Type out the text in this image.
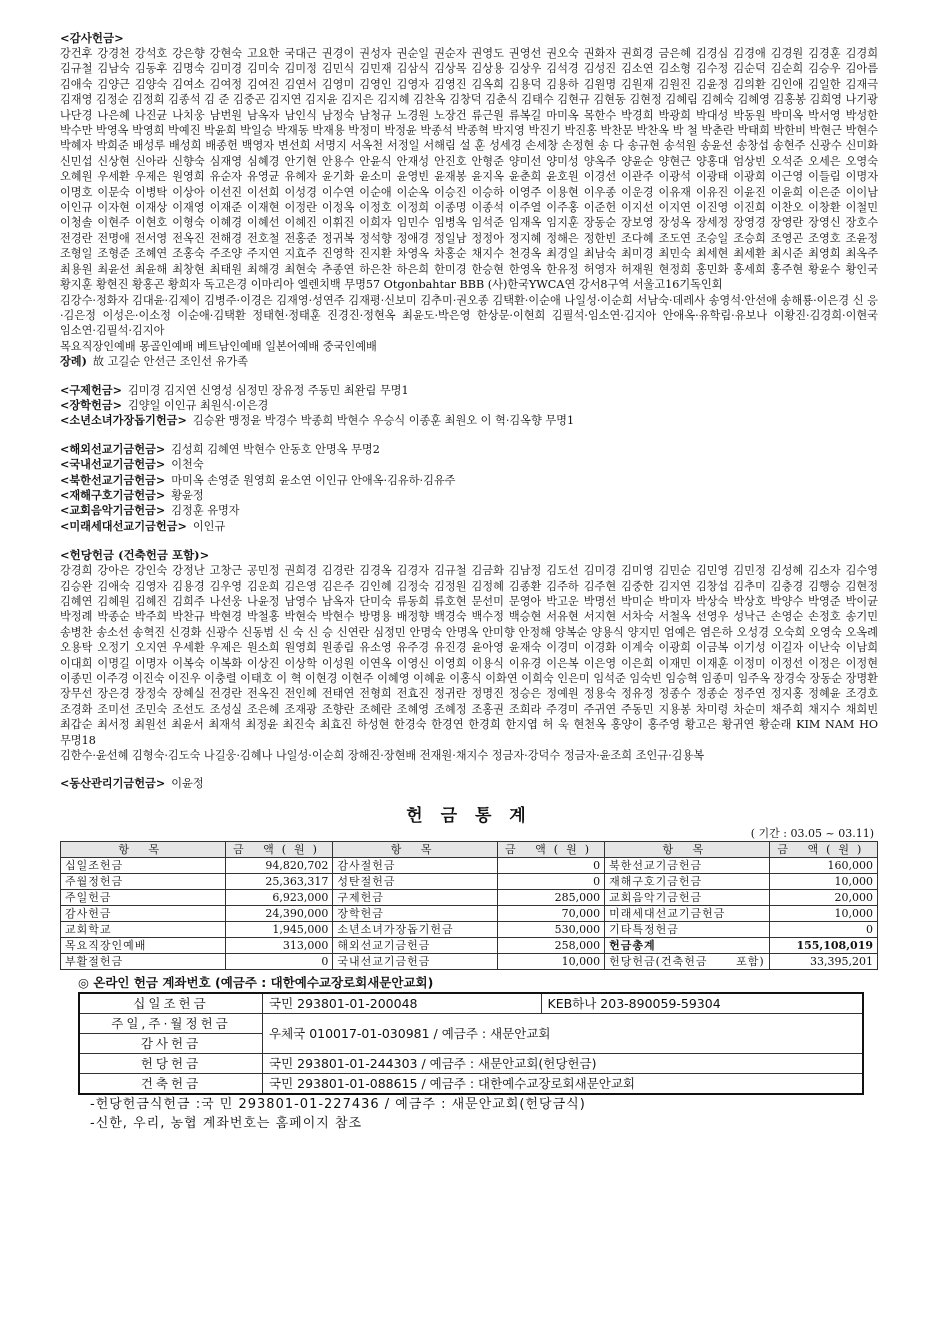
<감사헌금>
강건후 강경천 강석호 강은향 강현숙 고요한 국대근 권경이 권성자 권순일 권순자 권영도 권영선 권오숙 권화자 권희경 금은혜 김경심 김경애 김경원 김경훈 김경희 김규철 김남숙 김동후 김명숙 김미경 김미숙 김미정 김민식 김민재 김삼식 김상목 김상용 김상우 김석경 김성진 김소연 김소형 김수정 김순덕 김순희 김승우 김아름 김애숙 김양근 김양숙 김여소 김여정 김여진 김연서 김영미 김영인 김영자 김영진 김옥희 김용덕 김용하 김원명 김원재 김원진 김윤정 김의환 김인애 김일한 김재극 김재영 김정순 김정희 김종석 김 준 김중곤 김지연 김지윤 김지은 김지혜 김찬옥 김창덕 김춘식 김태수 김현규 김현동 김현정 김혜림 김혜숙 김혜영 김홍봉 김희영 나기광 나단경 나은혜 나진균 나치웅 남번원 남옥자 남인식 남정숙 남청규 노경원 노장건 류근원 류복길 마미옥 목한수 박경희 박광희 박대성 박동원 박미옥 박서영 박성한 박수만 박영옥 박영희 박예진 박윤희 박일승 박재동 박재용 박정미 박정윤 박종석 박종혁 박지영 박진기 박진홍 박찬문 박찬옥 박 철 박춘란 박태희 박한비 박현근 박현수 박혜자 박희준 배성루 배성희 배종헌 백영자 변선희 서명지 서옥천 서정일 서해림 설 훈 성세경 손세창 손정현 송 다 송규현 송석원 송윤선 송창섭 송현주 신광수 신미화 신민섭 신상현 신아라 신향숙 심재영 심혜경 안기현 안용수 안윤식 안재성 안진호 안형준 양미선 양미성 양옥주 양윤순 양현근 양홍대 엄상빈 오석준 오세은 오영숙 오혜원 우세환 우제은 원영희 유순자 유영균 유혜자 윤기화 윤소미 윤영빈 윤재봉 윤지옥 윤춘희 윤호원 이경선 이관주 이광석 이광태 이광희 이근영 이들림 이명자 이명호 이문숙 이병탁 이상아 이선진 이선희 이성경 이수연 이순애 이순옥 이승진 이승하 이영주 이용현 이우종 이운경 이유재 이유진 이윤진 이윤희 이은준 이이남 이인규 이자현 이재상 이재영 이재준 이재현 이정란 이정옥 이정호 이정희 이종명 이종석 이주열 이주홍 이준헌 이지선 이지연 이진영 이진희 이찬오 이창환 이철민 이청솔 이현주 이현호 이형숙 이혜경 이혜선 이혜진 이휘진 이희자 임민수 임병옥 임석준 임재옥 임지훈 장동순 장보영 장성옥 장세정 장영경 장영란 장영신 장호수 전경란 전명애 전서영 전옥진 전해경 전호철 전홍준 정귀복 정석향 정애경 정일남 정정아 정지혜 정해은 정한빈 조다혜 조도연 조승일 조승희 조영곤 조영호 조윤정 조형일 조형준 조혜연 조홍숙 주조양 주지연 지효주 진영학 진지환 차영옥 차홍순 채지수 천경옥 최경일 최남숙 최미경 최민숙 최세현 최세환 최시준 최영희 최옥주 최용원 최윤선 최윤해 최창현 최태원 최해경 최현숙 추종연 하은찬 하은희 한미경 한승현 한영옥 한유정 허영자 허재원 현정희 홍민화 홍세희 홍주현 황윤수 황인국 황지훈 황현진 황홍곤 황희자 독고은경 이마리아 엘렌치백 무명57 Otgonbahtar BBB (사)한국YWCA연 강서8구역 서울고16기독인회
김강수·정화자 김대윤·김제이 김병주·이경은 김재영·성연주 김재평·신보미 김추미·권오종 김택환·이순애 나일성·이순희 서남숙·데레사 송영석·안선애 송해룡·이은경 신 응·김은정 이성은·이소정 이순애·김택환 정태현·정태훈 진경진·정현옥 최윤도·박은영 한상문·이현희 김필석·임소연·김지아 안애옥·유학림·유보나 이황진·김경희·이현국 임소연·김필석·김지아
목요직장인예배 몽골인예배 베트남인예배 일본어예배 중국인예배
장례) 故 고길순 안선근 조인선 유가족
<구제헌금> 김미경 김지연 신영성 심정민 장유정 주동민 최완림 무명1
<장학헌금> 김양일 이인규 최원식·이은경
<소년소녀가장돕기헌금> 김승완 맹정윤 박경수 박종희 박현수 우승식 이종훈 최원오 이 혁·김옥향 무명1
<해외선교기금헌금> 김성희 김혜연 박현수 안동호 안명옥 무명2
<국내선교기금헌금> 이천숙
<북한선교기금헌금> 마미옥 손영준 원영희 윤소연 이인규 안애옥·김유하·김유주
<재해구호기금헌금> 황윤정
<교회음악기금헌금> 김정훈 유명자
<미래세대선교기금헌금> 이인규
<헌당헌금 (건축헌금 포함)>
강경희 강아은 강인숙 강정난 고창근 공민정 권희경 김경란 김경옥 김경자 김규철 김금화 김남정 김도선 김미경 김미영 김민순 김민영 김민정 김성혜 김소자 김수영 김승완 김애숙 김영자 김용경 김우영 김운희 김은영 김은주 김인혜 김정숙 김정원 김정혜 김종환 김주하 김주현 김중한 김지연 김창섭 김추미 김충경 김행승 김현정 김혜연 김혜원 김혜진 김희주 나선웅 나윤정 남영수 남옥자 단미숙 류동희 류호현 문선미 문영아 박고운 박명선 박미순 박미자 박상숙 박상호 박양수 박영준 박이균 박정례 박종순 박주희 박찬규 박현경 박철홍 박현숙 박현수 방명용 배정향 백경숙 백수정 백승현 서유현 서지현 서차숙 서철옥 선영우 성낙근 손영순 손정호 송기민 송병찬 송소선 송혁진 신경화 신광수 신동범 신 숙 신 승 신연란 심정민 안명숙 안명옥 안미향 안정해 양복순 양용식 양지민 엄예은 염은하 오성경 오숙희 오영숙 오옥례 오용탁 오정기 오지연 우세환 우제은 원소희 원영희 원종림 유소영 유주경 유진경 윤아영 윤재숙 이경미 이경화 이계숙 이광희 이금복 이기성 이길자 이난숙 이남희 이대희 이명길 이명자 이복숙 이복화 이상진 이상학 이성원 이연옥 이영신 이영희 이용식 이유경 이은복 이은영 이은희 이재민 이재훈 이정미 이정선 이정은 이정현 이종민 이주경 이진숙 이진우 이충렬 이태호 이 혁 이현경 이현주 이혜영 이혜윤 이홍식 이화연 이희숙 인은미 임석준 임숙빈 임승혁 임종미 임주옥 장경숙 장동순 장명환 장무선 장은경 장정숙 장혜실 전경란 전옥진 전인혜 전태연 전형희 전효진 정귀란 정명진 정승은 정예원 정용숙 정유정 정종수 정종순 정주연 정지홍 정혜윤 조경호 조경화 조미선 조민숙 조선도 조성실 조은혜 조재광 조향란 조혜란 조혜영 조혜정 조홍권 조희라 주경미 주귀연 주동민 지용봉 차미령 차순미 채주희 채지수 채희빈 최갑순 최서정 최원선 최윤서 최재석 최정윤 최진숙 최효진 하성현 한경숙 한경연 한경희 한지엽 허 욱 현천옥 홍양이 홍주영 황고은 황귀연 황순래 KIM NAM HO 무명18
김한수·윤선혜 김형숙·김도숙 나길웅·김혜나 나일성·이순희 장해진·장현배 전재원·채지수 정금자·강덕수 정금자·윤조희 조인규·김용복
<동산관리기금헌금> 이윤정
헌 금 통 계
( 기간 : 03.05 ~ 03.11)
항 목	금 액(원)	항 목	금 액(원)	항 목	금 액(원)
십일조헌금	94,820,702	감사절헌금	0	북한선교기금헌금	160,000
주월정헌금	25,363,317	성탄절헌금	0	재해구호기금헌금	10,000
주일헌금	6,923,000	구제헌금	285,000	교회음악기금헌금	20,000
감사헌금	24,390,000	장학헌금	70,000	미래세대선교기금헌금	10,000
교회학교	1,945,000	소년소녀가장돕기헌금	530,000	기타특정헌금	0
목요직장인예배	313,000	해외선교기금헌금	258,000	헌금총계	155,108,019
부활절헌금	0	국내선교기금헌금	10,000	헌당헌금(건축헌금 포함)	33,395,201
◎ 온라인 헌금 계좌번호 (예금주 : 대한예수교장로회새문안교회)
십일조헌금	국민 293801-01-200048	KEB하나 203-890059-59304
주일,주·월정헌금	우체국 010017-01-030981 / 예금주 : 새문안교회	
감사헌금		
헌당헌금	국민 293801-01-244303 / 예금주 : 새문안교회(헌당헌금)	
건축헌금	국민 293801-01-088615 / 예금주 : 대한예수교장로회새문안교회	
-헌당헌금식헌금 :국 민 293801-01-227436 / 예금주 : 새문안교회(헌당금식)
-신한, 우리, 농협 계좌번호는 홈페이지 참조
